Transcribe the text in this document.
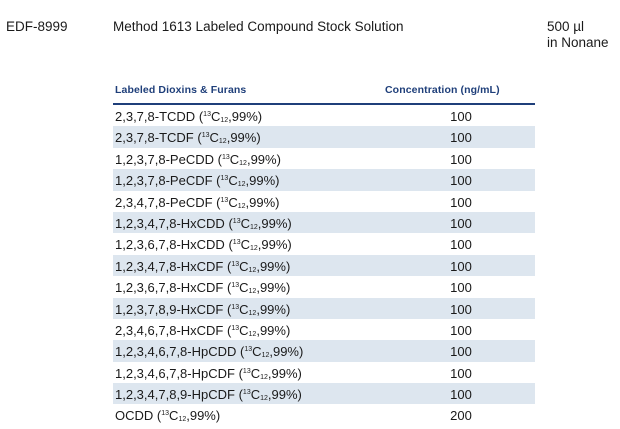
EDF-8999	Method 1613 Labeled Compound Stock Solution	500 µl
in Nonane
Labeled Dioxins & Furans	Concentration (ng/mL)
2,3,7,8-TCDD ($^{13}$C12,99%)	100
2,3,7,8-TCDF ($^{13}$C12,99%)	100
1,2,3,7,8-PeCDD ($^{13}$C12,99%)	100
1,2,3,7,8-PeCDF ($^{13}$C12,99%)	100
2,3,4,7,8-PeCDF ($^{13}$C12,99%)	100
1,2,3,4,7,8-HxCDD ($^{13}$C12,99%)	100
1,2,3,6,7,8-HxCDD ($^{13}$C12,99%)	100
1,2,3,4,7,8-HxCDF ($^{13}$C12,99%)	100
1,2,3,6,7,8-HxCDF ($^{13}$C12,99%)	100
1,2,3,7,8,9-HxCDF ($^{13}$C12,99%)	100
2,3,4,6,7,8-HxCDF ($^{13}$C12,99%)	100
1,2,3,4,6,7,8-HpCDD ($^{13}$C12,99%)	100
1,2,3,4,6,7,8-HpCDF ($^{13}$C12,99%)	100
1,2,3,4,7,8,9-HpCDF ($^{13}$C12,99%)	100
OCDD ($^{13}$C12,99%)	200
